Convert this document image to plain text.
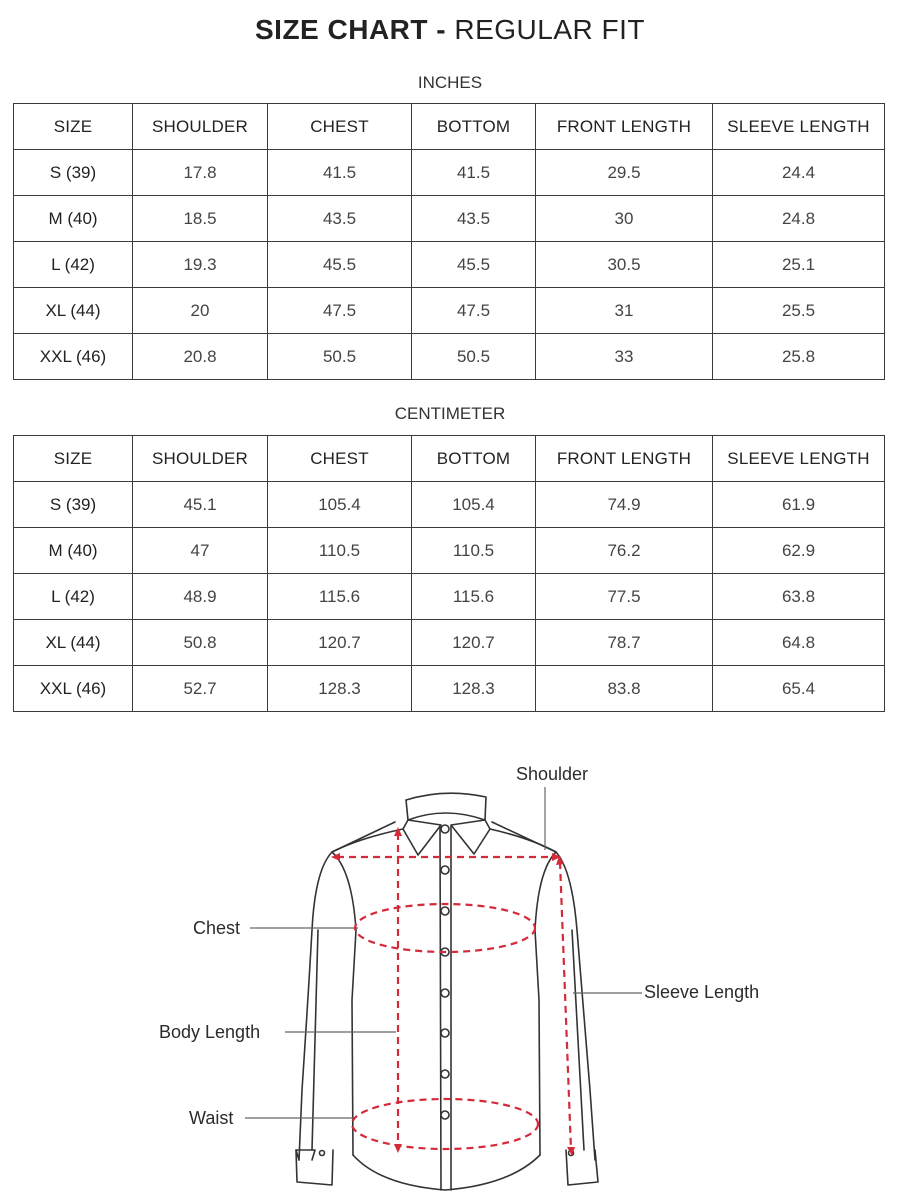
SIZE CHART - REGULAR FIT
INCHES
SIZE	SHOULDER	CHEST	BOTTOM	FRONT LENGTH	SLEEVE LENGTH
S (39)	17.8	41.5	41.5	29.5	24.4
M (40)	18.5	43.5	43.5	30	24.8
L (42)	19.3	45.5	45.5	30.5	25.1
XL (44)	20	47.5	47.5	31	25.5
XXL (46)	20.8	50.5	50.5	33	25.8
CENTIMETER
SIZE	SHOULDER	CHEST	BOTTOM	FRONT LENGTH	SLEEVE LENGTH
S (39)	45.1	105.4	105.4	74.9	61.9
M (40)	47	110.5	110.5	76.2	62.9
L (42)	48.9	115.6	115.6	77.5	63.8
XL (44)	50.8	120.7	120.7	78.7	64.8
XXL (46)	52.7	128.3	128.3	83.8	65.4
Shoulder
Chest
Sleeve Length
Body Length
Waist
